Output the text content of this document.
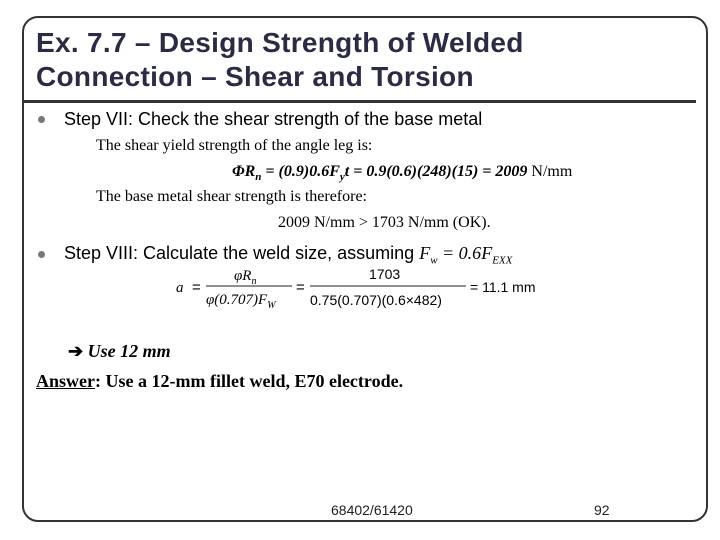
Ex. 7.7 – Design Strength of Welded
Connection – Shear and Torsion
Step VII: Check the shear strength of the base metal
The shear yield strength of the angle leg is:
$\Phi R_n = (0.9)0.6F_yt = 0.9(0.6)(248)(15) = 2009$ N/mm
The base metal shear strength is therefore:
2009 N/mm > 1703 N/mm (OK).
Step VIII: Calculate the weld size, assuming $F_w = 0.6F_{EXX}$
a =
$\varphi R_n$
$\varphi(0.707)F_W$
=
1703
0.75(0.707)(0.6×482)
= 11.1 mm
➔ Use 12 mm
Answer: Use a 12-mm fillet weld, E70 electrode.
68402/61420	92
